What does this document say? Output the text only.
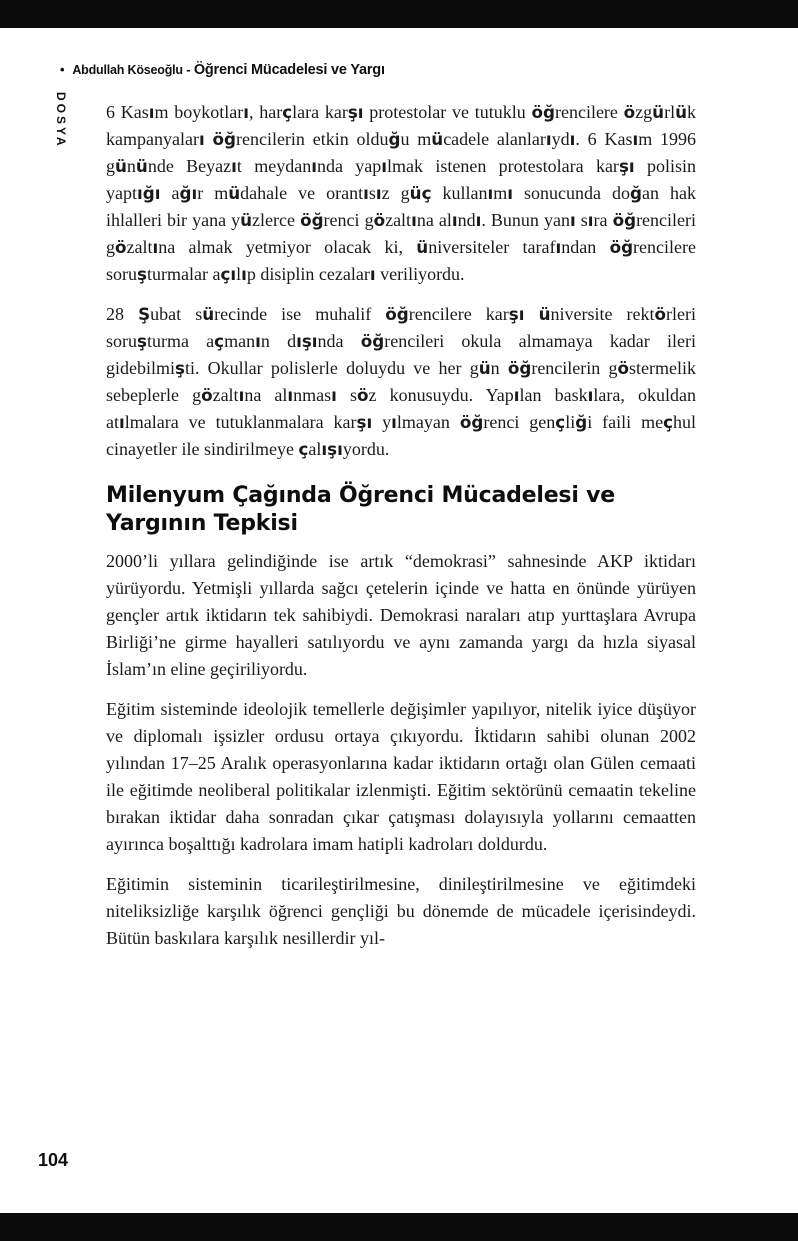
• Abdullah Köseoğlu - Öğrenci Mücadelesi ve Yargı
DOSYA 6 Kasım boykotları, harçlara karşı protestolar ve tutuklu öğrencilere özgürlük kampanyaları öğrencilerin etkin olduğu mücadele alanlarıydı. 6 Kasım 1996 gününde Beyazıt meydanında yapılmak istenen protestolara karşı polisin yaptığı ağır müdahale ve orantısız güç kullanımı sonucunda doğan hak ihlalleri bir yana yüzlerce öğrenci gözaltına alındı. Bunun yanı sıra öğrencileri gözaltına almak yetmiyor olacak ki, üniversiteler tarafından öğrencilere soruşturmalar açılıp disiplin cezaları veriliyordu.

28 Şubat sürecinde ise muhalif öğrencilere karşı üniversite rektörleri soruşturma açmanın dışında öğrencileri okula almamaya kadar ileri gidebilmişti. Okullar polislerle doluydu ve her gün öğrencilerin göstermelik sebeplerle gözaltına alınması söz konusuydu. Yapılan baskılara, okuldan atılmalara ve tutuklanmalara karşı yılmayan öğrenci gençliği faili meçhul cinayetler ile sindirilmeye çalışıyordu.

Milenyum Çağında Öğrenci Mücadelesi ve Yargının Tepkisi

2000’li yıllara gelindiğinde ise artık “demokrasi” sahnesinde AKP iktidarı yürüyordu. Yetmişli yıllarda sağcı çetelerin içinde ve hatta en önünde yürüyen gençler artık iktidarın tek sahibiydi. Demokrasi naraları atıp yurttaşlara Avrupa Birliği’ne girme hayalleri satılıyordu ve aynı zamanda yargı da hızla siyasal İslam’ın eline geçiriliyordu.

Eğitim sisteminde ideolojik temellerle değişimler yapılıyor, nitelik iyice düşüyor ve diplomalı işsizler ordusu ortaya çıkıyordu. İktidarın sahibi olunan 2002 yılından 17–25 Aralık operasyonlarına kadar iktidarın ortağı olan Gülen cemaati ile eğitimde neoliberal politikalar izlenmişti. Eğitim sektörünü cemaatin tekeline bırakan iktidar daha sonradan çıkar çatışması dolayısıyla yollarını cemaatten ayırınca boşalttığı kadrolara imam hatipli kadroları doldurdu.

Eğitimin sisteminin ticarileştirilmesine, dinileştirilmesine ve eğitimdeki niteliksizliğe karşılık öğrenci gençliği bu dönemde de mücadele içerisindeydi. Bütün baskılara karşılık nesillerdir yıl-

104
